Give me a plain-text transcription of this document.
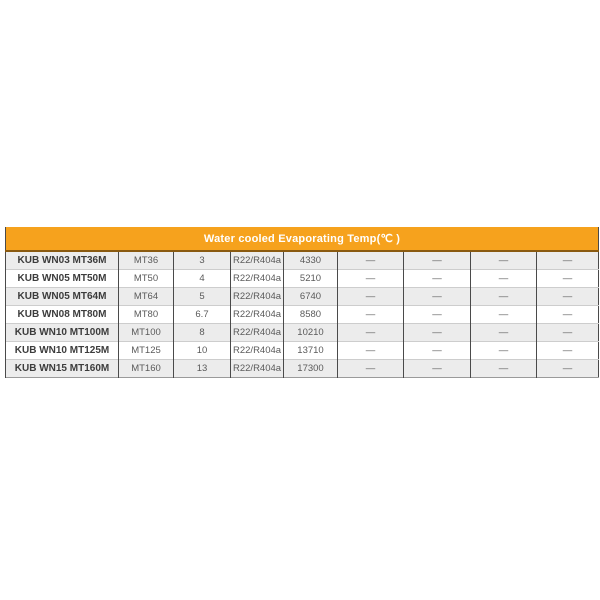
Water cooled Evaporating Temp(℃ )								
KUB WN03 MT36M	MT36	3	R22/R404a	4330	—	—	—	—
KUB WN05 MT50M	MT50	4	R22/R404a	5210	—	—	—	—
KUB WN05 MT64M	MT64	5	R22/R404a	6740	—	—	—	—
KUB WN08 MT80M	MT80	6.7	R22/R404a	8580	—	—	—	—
KUB WN10 MT100M	MT100	8	R22/R404a	10210	—	—	—	—
KUB WN10 MT125M	MT125	10	R22/R404a	13710	—	—	—	—
KUB WN15 MT160M	MT160	13	R22/R404a	17300	—	—	—	—
